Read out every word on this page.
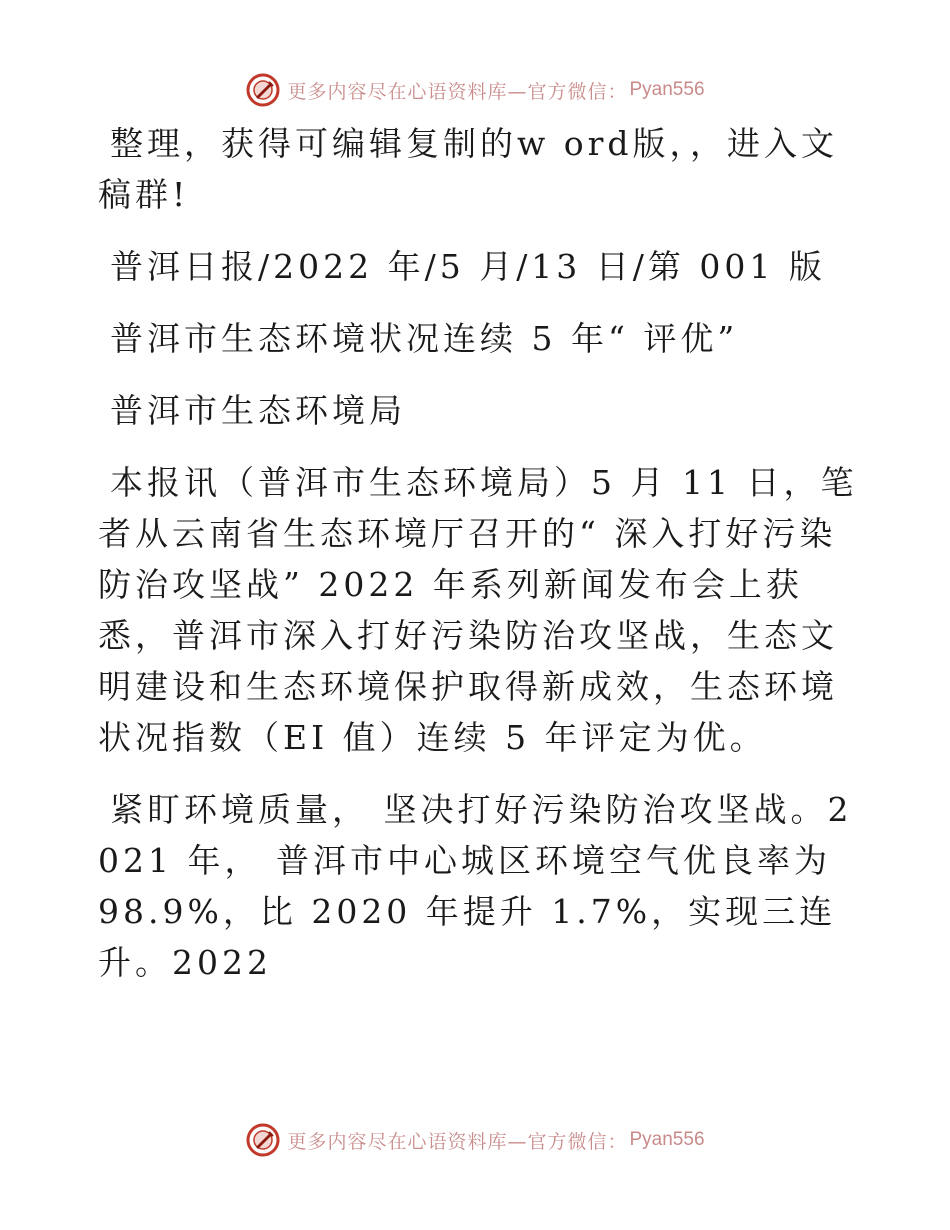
更多内容尽在心语资料库—官方微信： Pyan556

整理，获得可编辑复制的w ord版，，进入文稿群!

普洱日报/2022 年/5 月/13 日/第 001 版

普洱市生态环境状况连续 5 年“ 评优”

普洱市生态环境局

本报讯（普洱市生态环境局）5 月 11 日，笔者从云南省生态环境厅召开的“ 深入打好污染防治攻坚战” 2022 年系列新闻发布会上获悉，普洱市深入打好污染防治攻坚战，生态文明建设和生态环境保护取得新成效，生态环境状况指数（EI 值）连续 5 年评定为优。

紧盯环境质量， 坚决打好污染防治攻坚战。2021 年， 普洱市中心城区环境空气优良率为 98.9%，比 2020 年提升 1.7%，实现三连升。2022

更多内容尽在心语资料库—官方微信： Pyan556
